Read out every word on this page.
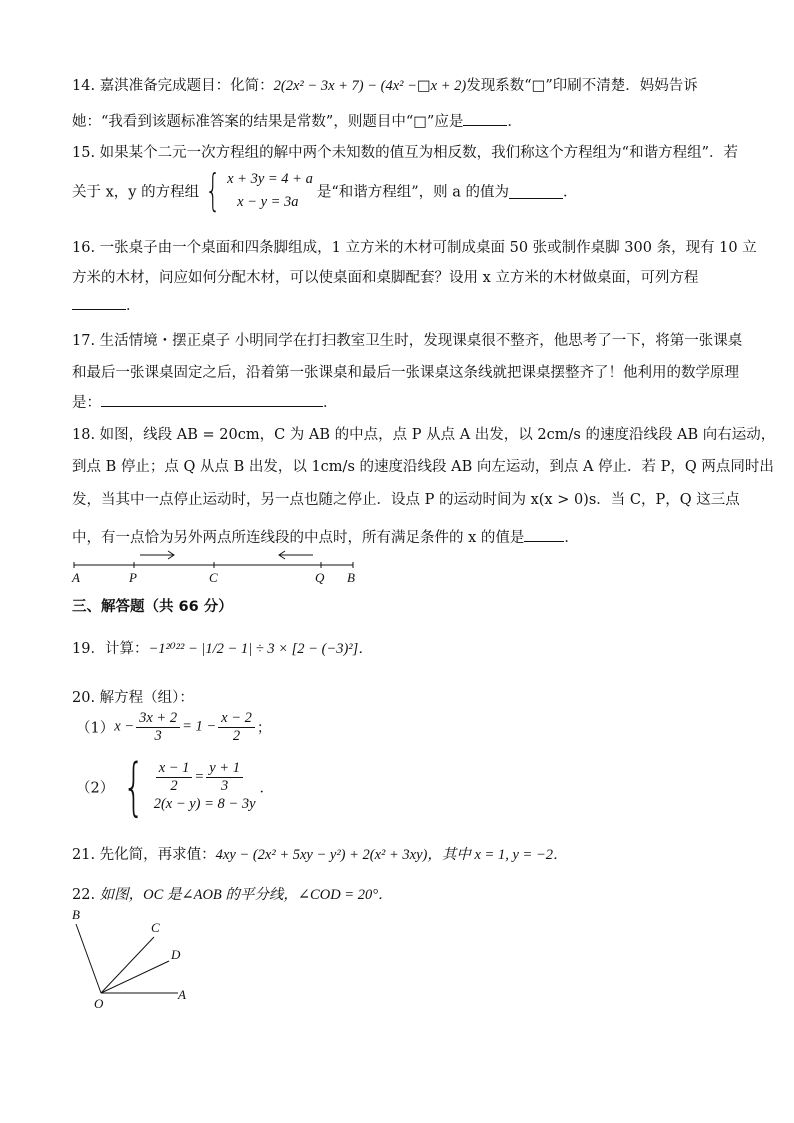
14. 嘉淇准备完成题目：化简：2(2x² − 3x + 7) − (4x² −□x + 2)发现系数“□”印刷不清楚．妈妈告诉
她：“我看到该题标准答案的结果是常数”，则题目中“□”应是	．
15. 如果某个二元一次方程组的解中两个未知数的值互为相反数，我们称这个方程组为“和谐方程组”．若
关于 x，y 的方程组 { x + 3y = 4 + a
x − y = 3a是“和谐方程组”，则 a 的值为	．
16. 一张桌子由一个桌面和四条脚组成，1 立方米的木材可制成桌面 50 张或制作桌脚 300 条，现有 10 立
方米的木材，问应如何分配木材，可以使桌面和桌脚配套？设用 x 立方米的木材做桌面，可列方程
．
17. 生活情境・摆正桌子 小明同学在打扫教室卫生时，发现课桌很不整齐，他思考了一下，将第一张课桌
和最后一张课桌固定之后，沿着第一张课桌和最后一张课桌这条线就把课桌摆整齐了！他利用的数学原理
是：	．
18. 如图，线段 AB = 20cm，C 为 AB 的中点，点 P 从点 A 出发，以 2cm/s 的速度沿线段 AB 向右运动，
到点 B 停止；点 Q 从点 B 出发，以 1cm/s 的速度沿线段 AB 向左运动，到点 A 停止．若 P，Q 两点同时出
发，当其中一点停止运动时，另一点也随之停止．设点 P 的运动时间为 x(x > 0)s．当 C，P，Q 这三点
中，有一点恰为另外两点所连线段的中点时，所有满足条件的 x 的值是	．
A	P	C	Q B
三、解答题（共 66 分）
19．计算：−1²⁰²² − |1/2 − 1| ÷ 3 × [2 − (−3)²]．
20. 解方程（组）：
$(1)x - \frac{3x + 2}{3} = 1 - \frac{x - 2}{2}$ ；
（2） { $\frac{x - 1}{2} = \frac{y + 1}{3}$

2(x − y) = 8 − 3y．
21. 先化简，再求值：4xy − (2x² + 5xy − y²) + 2(x² + 3xy)，其中 x = 1, y = −2．
22. 如图，OC 是∠AOB 的平分线，∠COD = 20°．
B
C
D
O
A
